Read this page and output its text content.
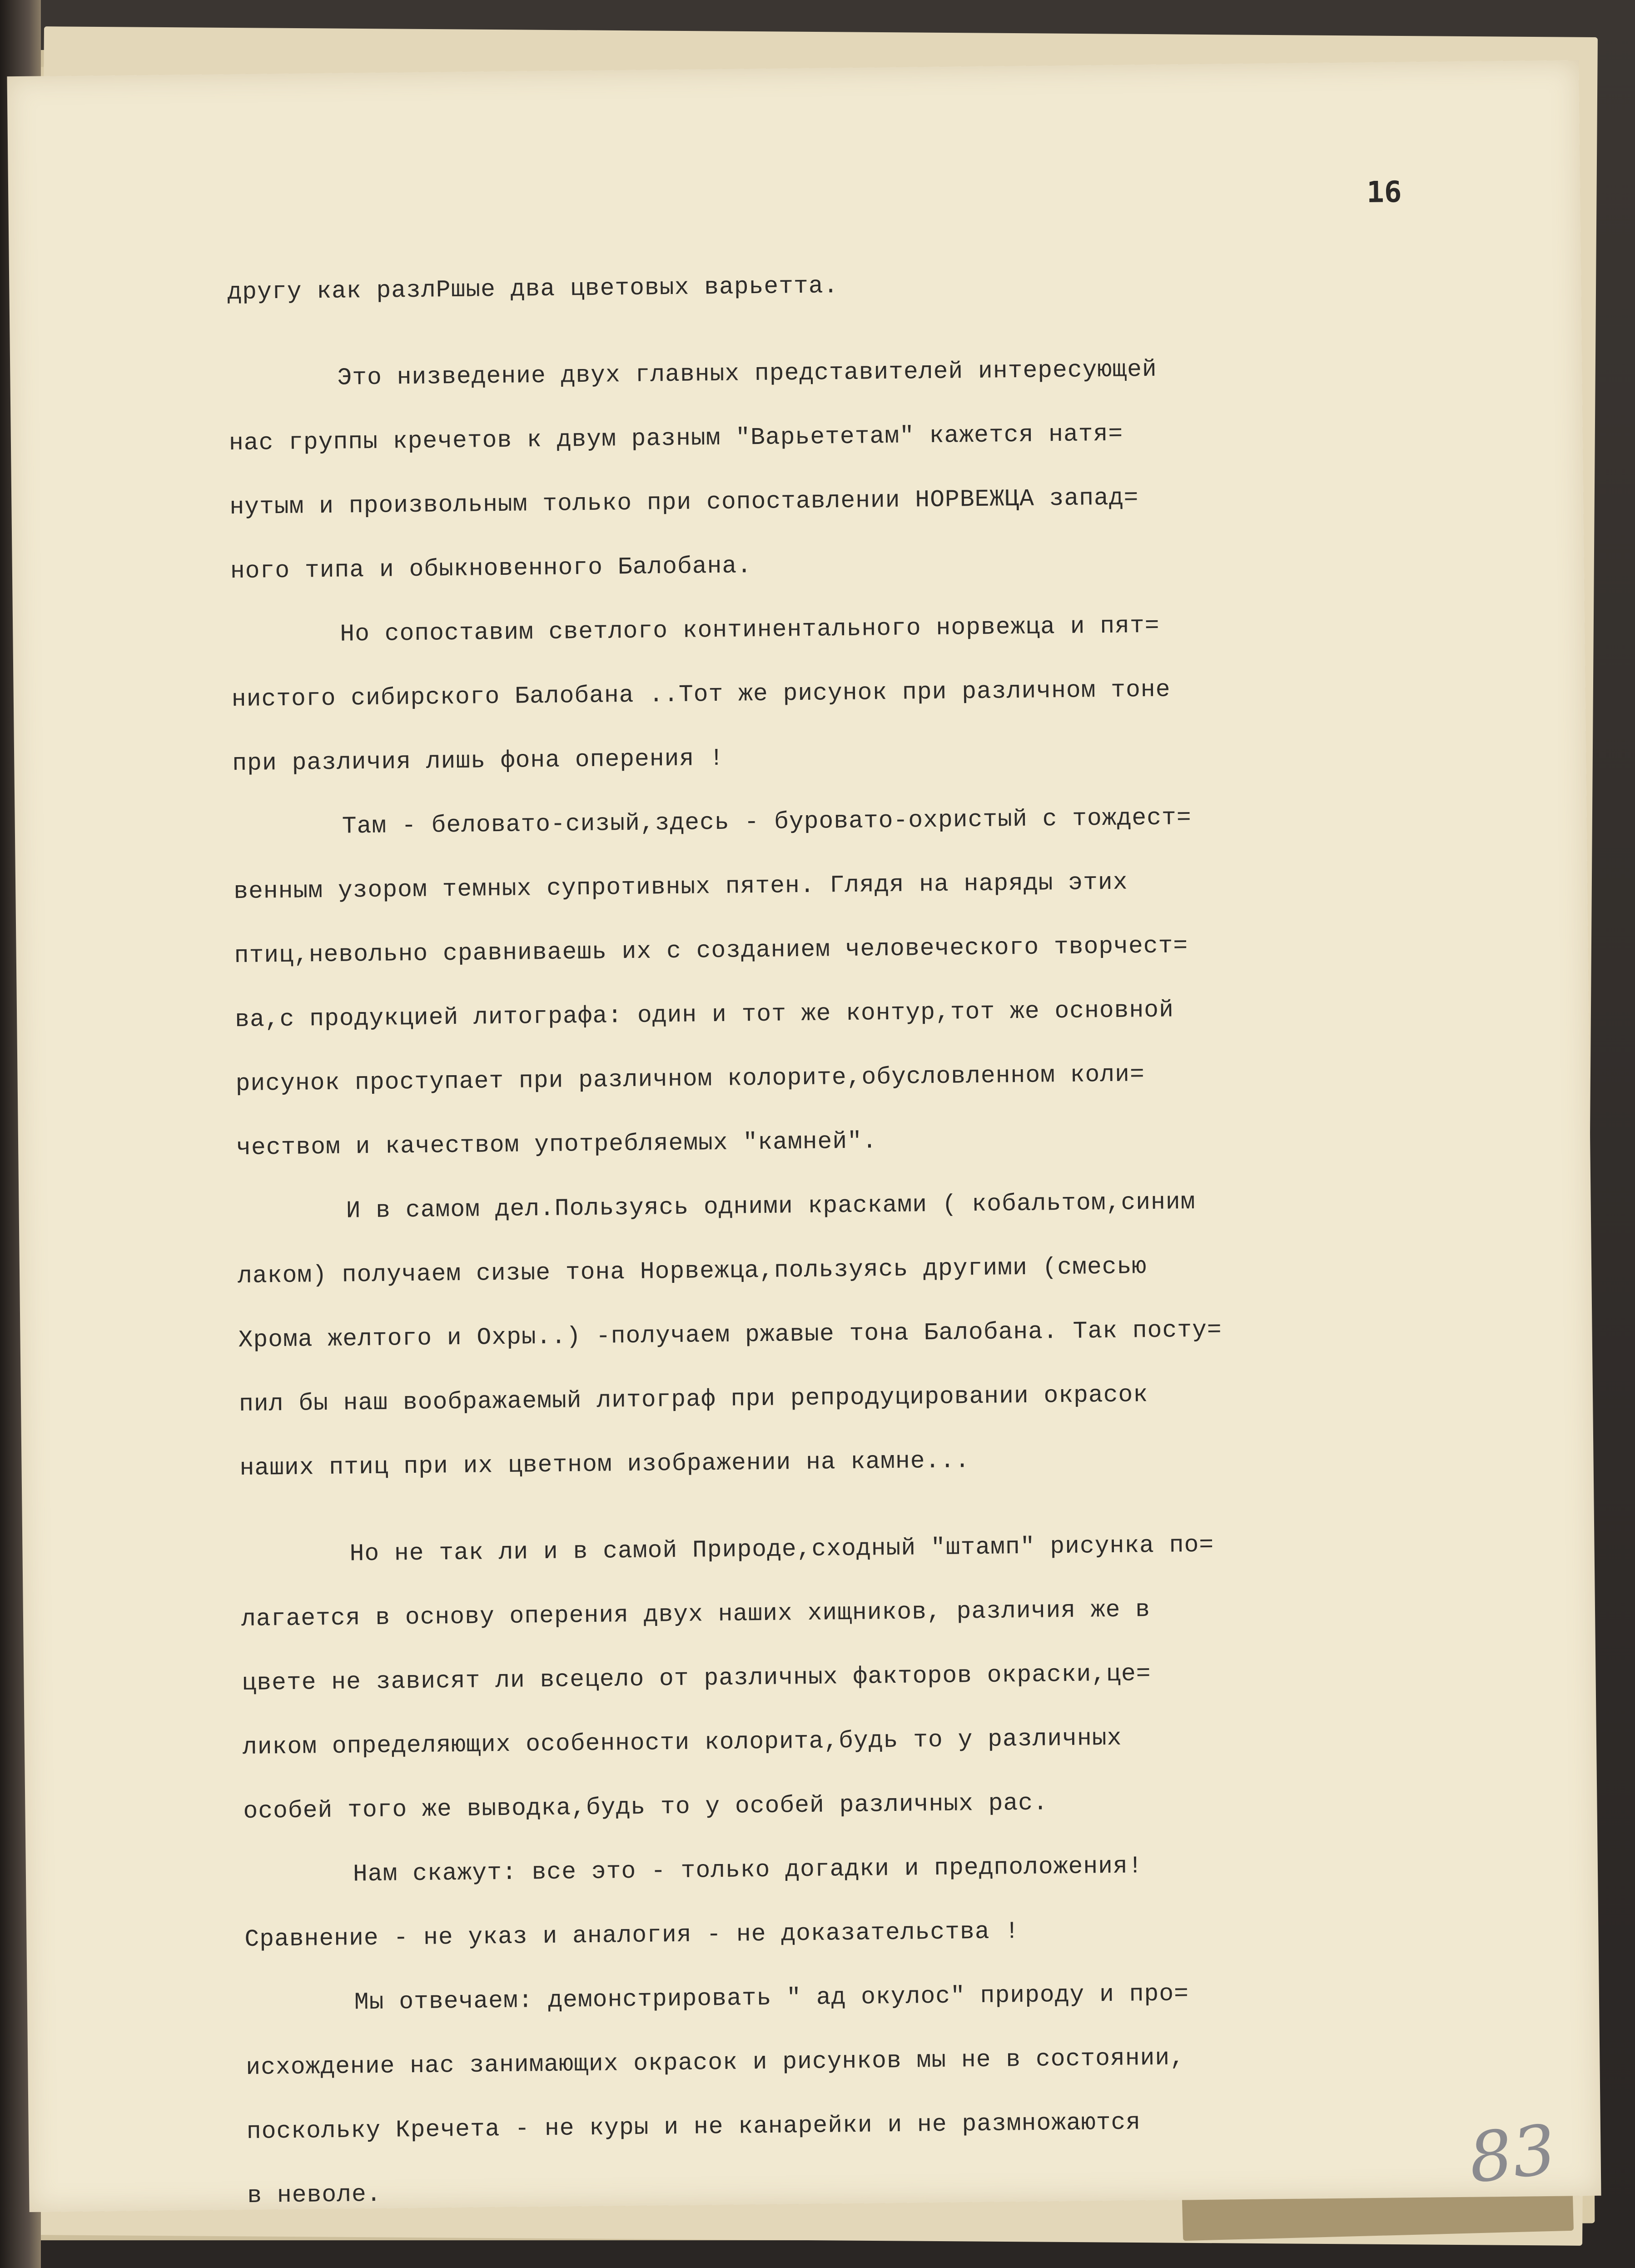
16
другу как разлРшые два цветовых варьетта.
Это низведение двух главных представителей интересующей
нас группы кречетов к двум разным "Варьететам" кажется натя=
нутым и произвольным только при сопоставлении НОРВЕЖЦА запад=
ного типа и обыкновенного Балобана.
Но сопоставим светлого континентального норвежца и пят=
нистого сибирского Балобана ..Тот же рисунок при различном тоне
при различия лишь фона оперения !
Там - беловато-сизый,здесь - буровато-охристый с тождест=
венным узором темных супротивных пятен. Глядя на наряды этих
птиц,невольно сравниваешь их с созданием человеческого творчест=
ва,с продукцией литографа: один и тот же контур,тот же основной
рисунок проступает при различном колорите,обусловленном коли=
чеством и качеством употребляемых "камней".
И в самом дел.Пользуясь одними красками ( кобальтом,синим
лаком) получаем сизые тона Норвежца,пользуясь другими (смесью
Хрома желтого и Охры..) -получаем ржавые тона Балобана. Так посту=
пил бы наш воображаемый литограф при репродуцировании окрасок
наших птиц при их цветном изображении на камне...
Но не так ли и в самой Природе,сходный "штамп" рисунка по=
лагается в основу оперения двух наших хищников, различия же в
цвете не зависят ли всецело от различных факторов окраски,це=
ликом определяющих особенности колорита,будь то у различных
особей того же выводка,будь то у особей различных рас.
Нам скажут: все это - только догадки и предположения!
Сравнение - не указ и аналогия - не доказательства !
Мы отвечаем: демонстрировать " ад окулос" природу и про=
исхождение нас занимающих окрасок и рисунков мы не в состоянии,
поскольку Кречета - не куры и не канарейки и не размножаются
в неволе.	83
